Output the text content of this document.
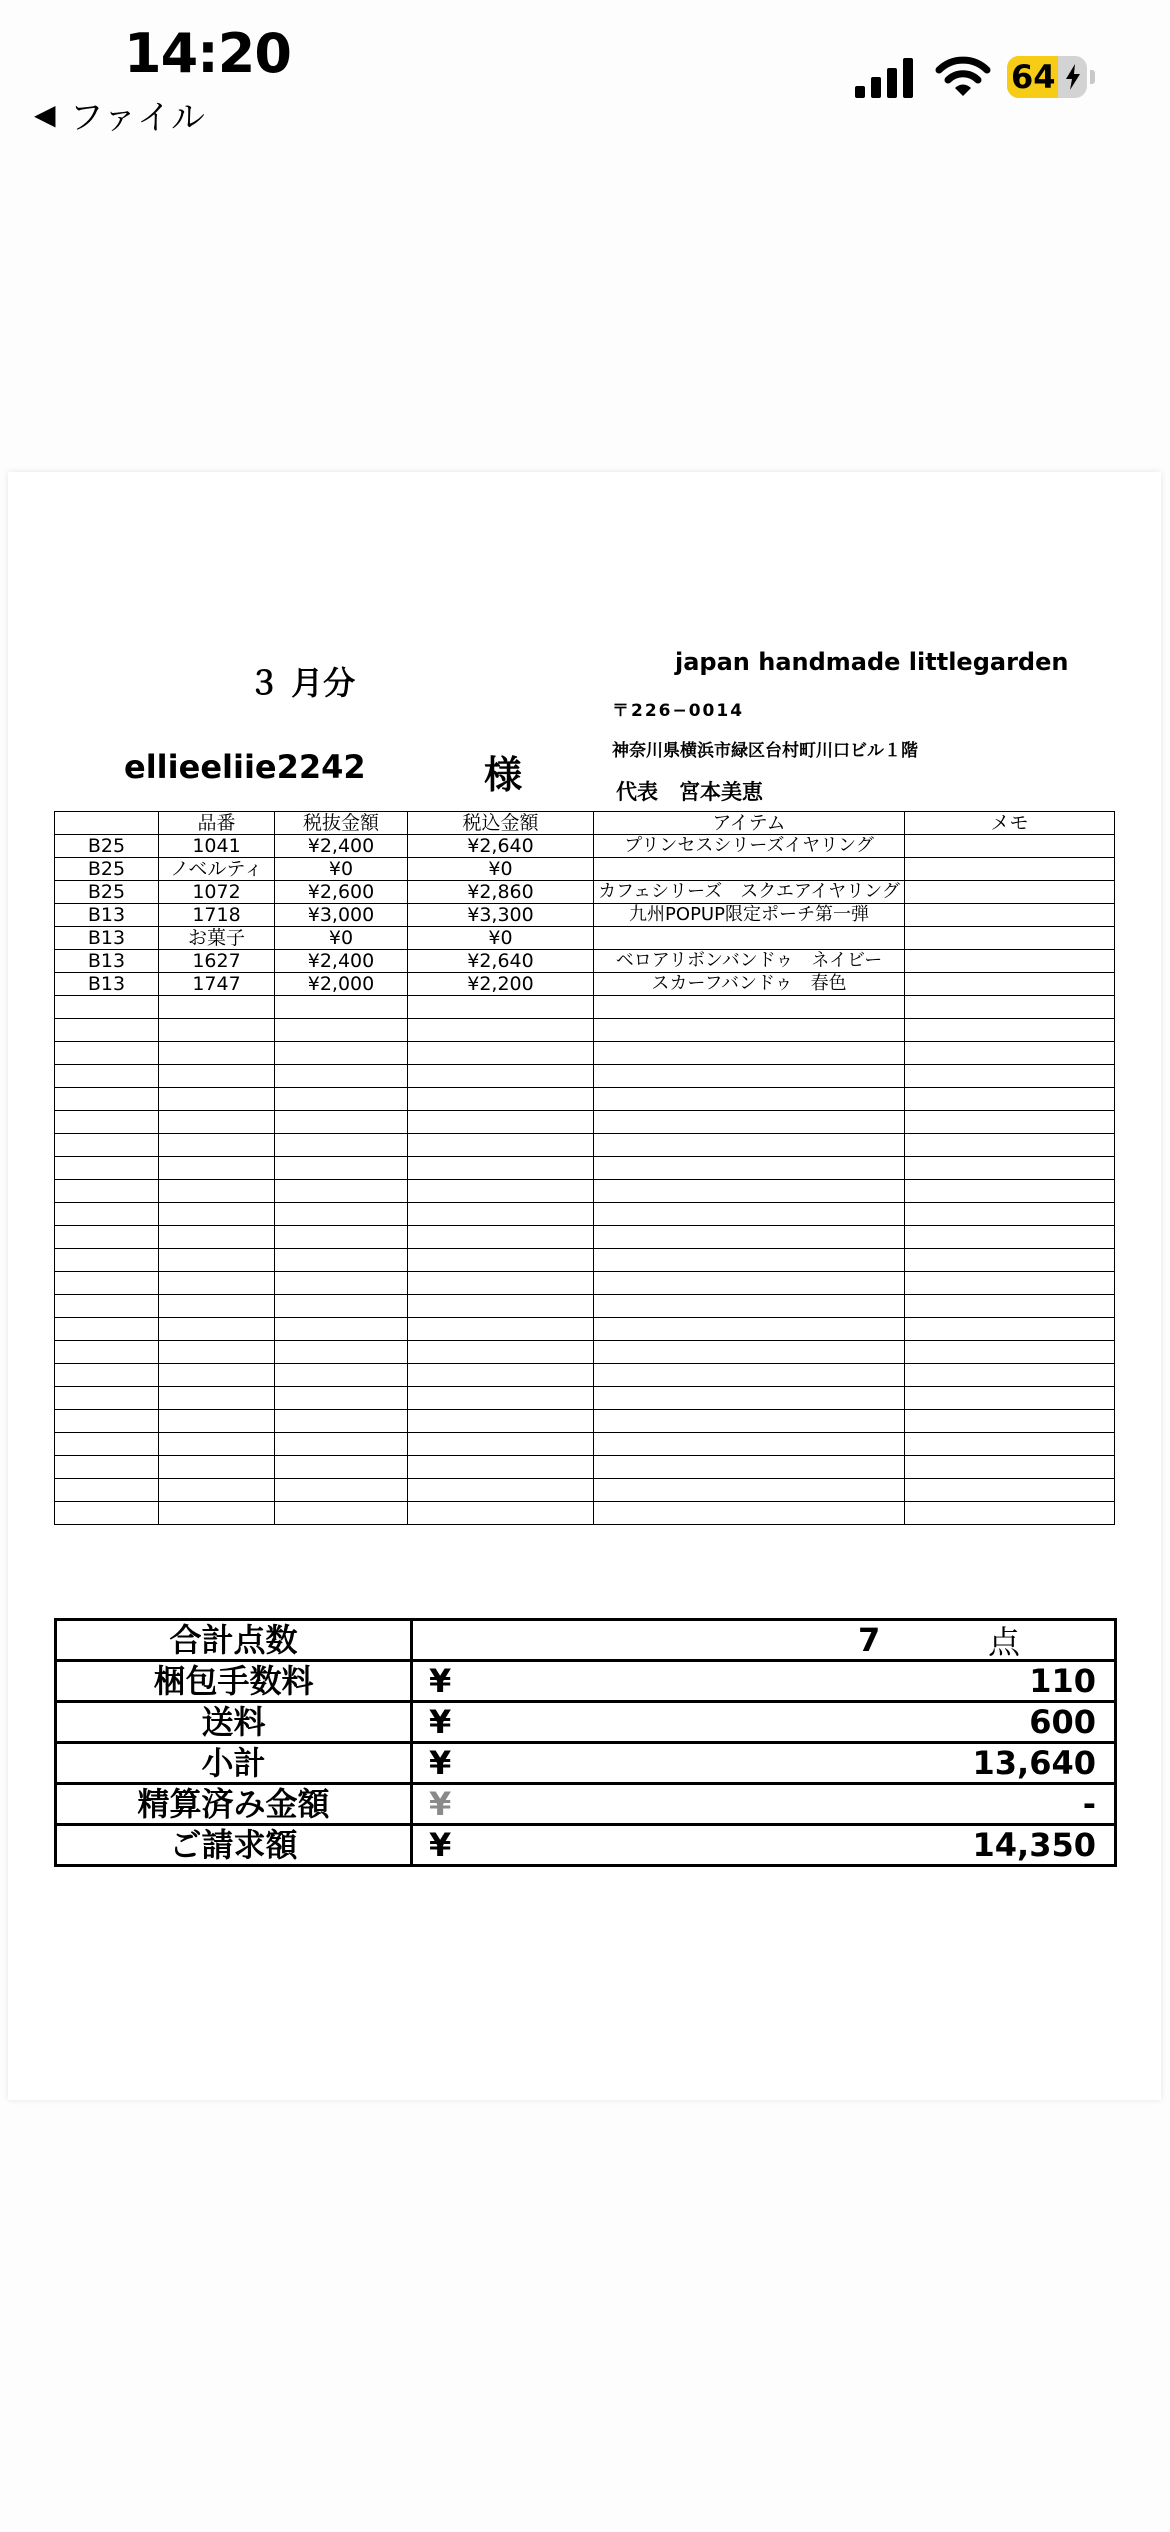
14:20
◀ ファイル
64
３ 月分
ellieeliie2242	様
japan handmade littlegarden
〒226−0014
神奈川県横浜市緑区台村町川口ビル１階
代表　宮本美恵
	品番	税抜金額	税込金額	アイテム	メモ
B25	1041	¥2,400	¥2,640	プリンセスシリーズイヤリング	
B25	ノベルティ	¥0	¥0		
B25	1072	¥2,600	¥2,860	カフェシリーズ　スクエアイヤリング	
B13	1718	¥3,000	¥3,300	九州POPUP限定ポーチ第一弾	
B13	お菓子	¥0	¥0		
B13	1627	¥2,400	¥2,640	ベロアリボンバンドゥ　ネイビー	
B13	1747	¥2,000	¥2,200	スカーフバンドゥ　春色	

合計点数	7 点

梱包手数料	¥ 110

送料	¥ 600

小計	¥ 13,640

精算済み金額	¥ -

ご請求額	¥ 14,350
